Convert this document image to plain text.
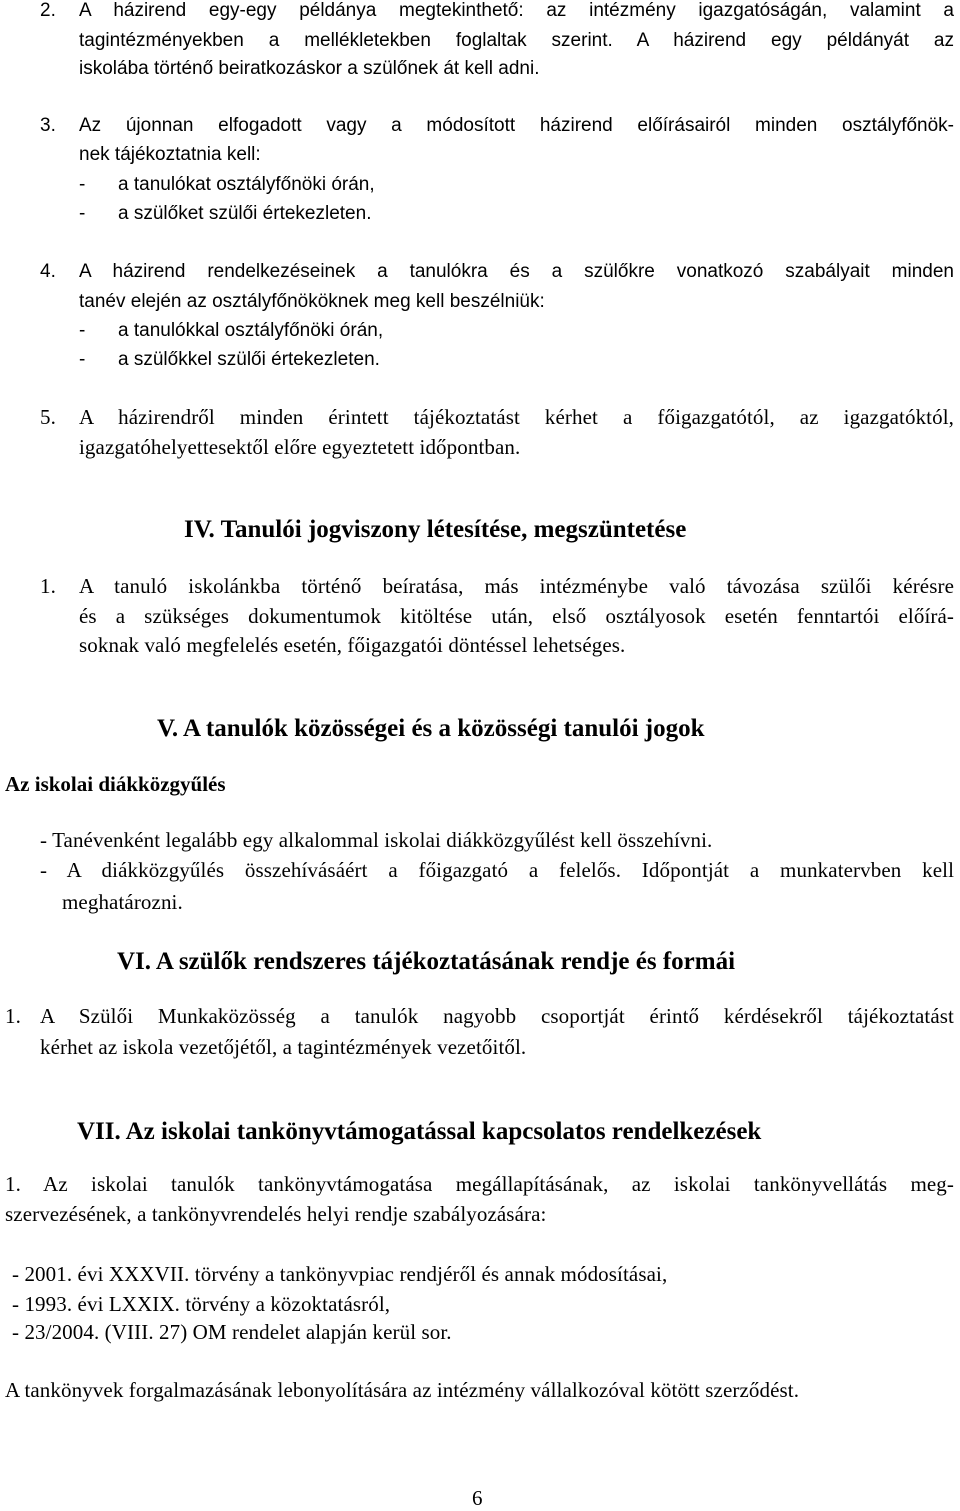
2. A házirend egy-egy példánya megtekinthető: az intézmény igazgatóságán, valamint a
tagintézményekben a mellékletekben foglaltak szerint. A házirend egy példányát az
iskolába történő beiratkozáskor a szülőnek át kell adni.
3. Az újonnan elfogadott vagy a módosított házirend előírásairól minden osztályfőnök-
nek tájékoztatnia kell:
- a tanulókat osztályfőnöki órán,
- a szülőket szülői értekezleten.
4. A házirend rendelkezéseinek a tanulókra és a szülőkre vonatkozó szabályait minden
tanév elején az osztályfőnököknek meg kell beszélniük:
- a tanulókkal osztályfőnöki órán,
- a szülőkkel szülői értekezleten.
5. A házirendről minden érintett tájékoztatást kérhet a főigazgatótól, az igazgatóktól,
igazgatóhelyettesektől előre egyeztetett időpontban.
IV. Tanulói jogviszony létesítése, megszüntetése
1. A tanuló iskolánkba történő beíratása, más intézménybe való távozása szülői kérésre
és a szükséges dokumentumok kitöltése után, első osztályosok esetén fenntartói előírá-
soknak való megfelelés esetén, főigazgatói döntéssel lehetséges.
V. A tanulók közösségei és a közösségi tanulói jogok
Az iskolai diákközgyűlés
- Tanévenként legalább egy alkalommal iskolai diákközgyűlést kell összehívni.
- A diákközgyűlés összehívásáért a főigazgató a felelős. Időpontját a munkatervben kell
meghatározni.
VI. A szülők rendszeres tájékoztatásának rendje és formái
1. A Szülői Munkaközösség a tanulók nagyobb csoportját érintő kérdésekről tájékoztatást
kérhet az iskola vezetőjétől, a tagintézmények vezetőitől.
VII. Az iskolai tankönyvtámogatással kapcsolatos rendelkezések
1. Az iskolai tanulók tankönyvtámogatása megállapításának, az iskolai tankönyvellátás meg-
szervezésének, a tankönyvrendelés helyi rendje szabályozására:
- 2001. évi XXXVII. törvény a tankönyvpiac rendjéről és annak módosításai,
- 1993. évi LXXIX. törvény a közoktatásról,
- 23/2004. (VIII. 27) OM rendelet alapján kerül sor.
A tankönyvek forgalmazásának lebonyolítására az intézmény vállalkozóval kötött szerződést.
6
